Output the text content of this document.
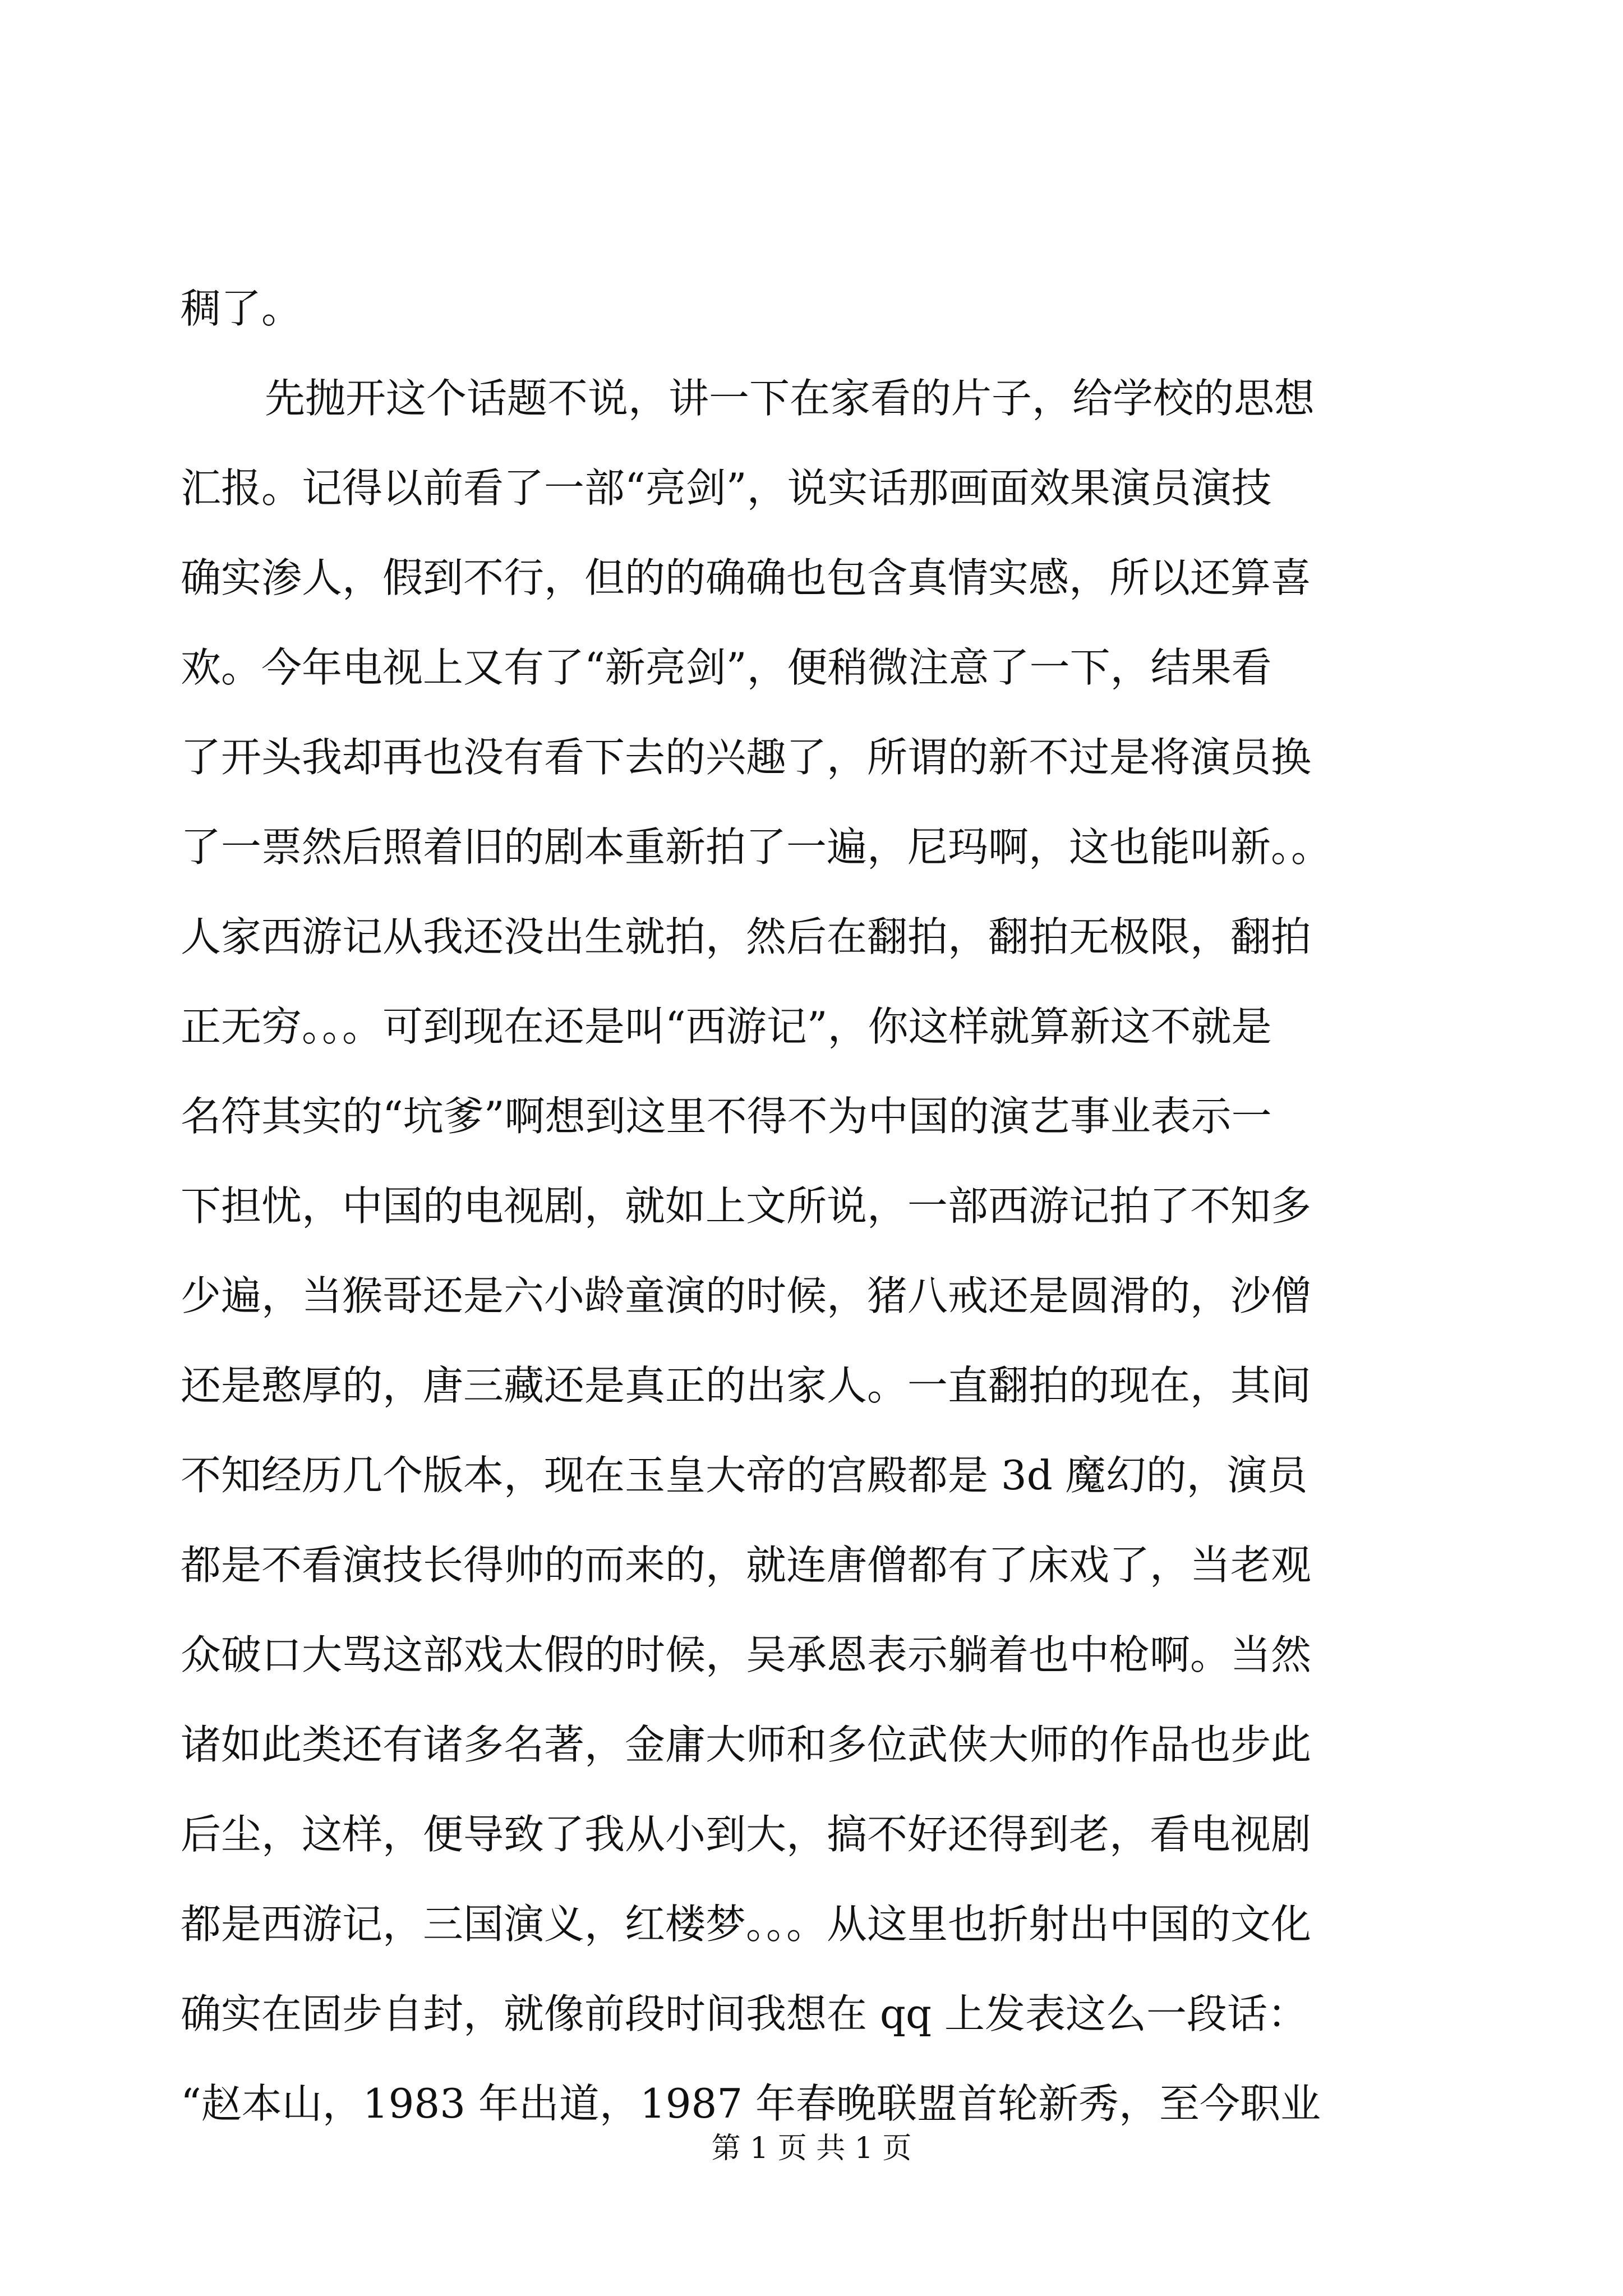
稠了。
先抛开这个话题不说，讲一下在家看的片子，给学校的思想
汇报。记得以前看了一部“亮剑”，说实话那画面效果演员演技
确实渗人，假到不行，但的的确确也包含真情实感，所以还算喜
欢。今年电视上又有了“新亮剑”，便稍微注意了一下，结果看
了开头我却再也没有看下去的兴趣了，所谓的新不过是将演员换
了一票然后照着旧的剧本重新拍了一遍，尼玛啊，这也能叫新。。
人家西游记从我还没出生就拍，然后在翻拍，翻拍无极限，翻拍
正无穷。。。可到现在还是叫“西游记”，你这样就算新这不就是
名符其实的“坑爹”啊想到这里不得不为中国的演艺事业表示一
下担忧，中国的电视剧，就如上文所说，一部西游记拍了不知多
少遍，当猴哥还是六小龄童演的时候，猪八戒还是圆滑的，沙僧
还是憨厚的，唐三藏还是真正的出家人。一直翻拍的现在，其间
不知经历几个版本，现在玉皇大帝的宫殿都是 3d 魔幻的，演员
都是不看演技长得帅的而来的，就连唐僧都有了床戏了，当老观
众破口大骂这部戏太假的时候，吴承恩表示躺着也中枪啊。当然
诸如此类还有诸多名著，金庸大师和多位武侠大师的作品也步此
后尘，这样，便导致了我从小到大，搞不好还得到老，看电视剧
都是西游记，三国演义，红楼梦。。。从这里也折射出中国的文化
确实在固步自封，就像前段时间我想在 qq 上发表这么一段话：
“赵本山，1983 年出道，1987 年春晚联盟首轮新秀，至今职业
第 1 页 共 1 页
